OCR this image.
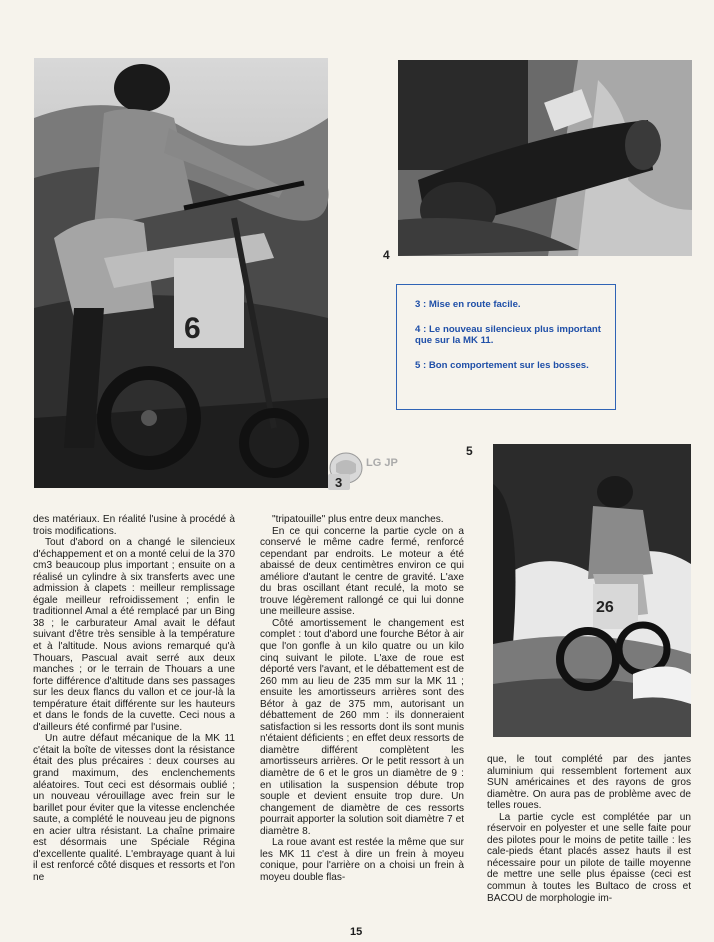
6
26
4
5

3 : Mise en route facile.

4 : Le nouveau silencieux plus important que sur la MK 11.

5 : Bon comportement sur les bosses.

LG JP
3

des matériaux. En réalité l'usine à procédé à trois modifications.

Tout d'abord on a changé le silencieux d'échappement et on a monté celui de la 370 cm3 beaucoup plus important ; ensuite on a réalisé un cylindre à six transferts avec une admission à clapets : meilleur remplissage égale meilleur refroidissement ; enfin le traditionnel Amal a été remplacé par un Bing 38 ; le carburateur Amal avait le défaut suivant d'être très sensible à la température et à l'altitude. Nous avions remarqué qu'à Thouars, Pascual avait serré aux deux manches ; or le terrain de Thouars a une forte différence d'altitude dans ses passages sur les deux flancs du vallon et ce jour-là la température était différente sur les hauteurs et dans le fonds de la cuvette. Ceci nous a d'ailleurs été confirmé par l'usine.

Un autre défaut mécanique de la MK 11 c'était la boîte de vitesses dont la résistance était des plus précaires : deux courses au grand maximum, des enclenchements aléatoires. Tout ceci est désormais oublié ; un nouveau vérouillage avec frein sur le barillet pour éviter que la vitesse enclenchée saute, a complété le nouveau jeu de pignons en acier ultra résistant. La chaîne primaire est désormais une Spéciale Régina d'excellente qualité. L'embrayage quant à lui il est renforcé côté disques et ressorts et l'on ne

"tripatouille" plus entre deux manches.

En ce qui concerne la partie cycle on a conservé le même cadre fermé, renforcé cependant par endroits. Le moteur a été abaissé de deux centimètres environ ce qui améliore d'autant le centre de gravité. L'axe du bras oscillant étant reculé, la moto se trouve légèrement rallongé ce qui lui donne une meilleure assise.

Côté amortissement le changement est complet : tout d'abord une fourche Bétor à air que l'on gonfle à un kilo quatre ou un kilo cinq suivant le pilote. L'axe de roue est déporté vers l'avant, et le débattement est de 260 mm au lieu de 235 mm sur la MK 11 ; ensuite les amortisseurs arrières sont des Bétor à gaz de 375 mm, autorisant un débattement de 260 mm : ils donneraient satisfaction si les ressorts dont ils sont munis n'étaient déficients ; en effet deux ressorts de diamètre différent complètent les amortisseurs arrières. Or le petit ressort à un diamètre de 6 et le gros un diamètre de 9 : en utilisation la suspension débute trop souple et devient ensuite trop dure. Un changement de diamètre de ces ressorts pourrait apporter la solution soit diamètre 7 et diamètre 8.

La roue avant est restée la même que sur les MK 11 c'est à dire un frein à moyeu conique, pour l'arrière on a choisi un frein à moyeu double flas-

que, le tout complété par des jantes aluminium qui ressemblent fortement aux SUN américaines et des rayons de gros diamètre. On aura pas de problème avec de telles roues.

La partie cycle est complétée par un réservoir en polyester et une selle faite pour des pilotes pour le moins de petite taille : les cale-pieds étant placés assez hauts il est nécessaire pour un pilote de taille moyenne de mettre une selle plus épaisse (ceci est commun à toutes les Bultaco de cross et BACOU de morphologie im-

15
